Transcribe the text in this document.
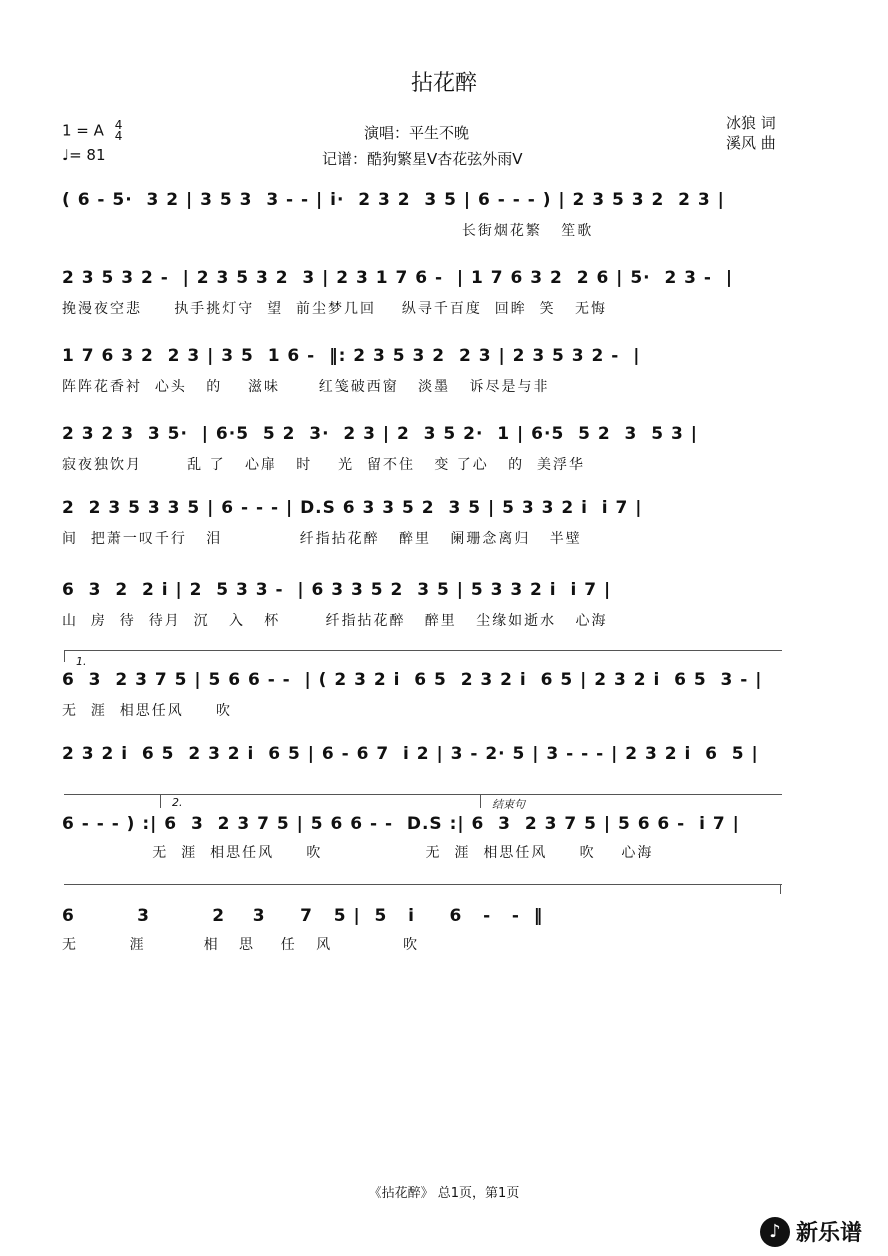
拈花醉
1 = A 4
4
♩= 81
演唱：平生不晚
记谱：酷狗繁星V杏花弦外雨V
冰狼 词
溪风 曲
( 6 - 5·  3 2 | 3 5 3  3 - - | i·  2 3 2  3 5 | 6 - - - ) | 2 3 5 3 2  2 3 |
长街烟花繁   笙歌
2 3 5 3 2 -  | 2 3 5 3 2  3 | 2 3 1 7 6 -  | 1 7 6 3 2  2 6 | 5·  2 3 -  |
挽漫夜空悲     执手挑灯守  望  前尘梦几回    纵寻千百度  回眸  笑   无悔
1 7 6 3 2  2 3 | 3 5  1 6 -  ‖: 2 3 5 3 2  2 3 | 2 3 5 3 2 -  |
阵阵花香衬  心头   的    滋味      红笺破西窗   淡墨   诉尽是与非
2 3 2 3  3 5·  | 6·5  5 2  3·  2 3 | 2  3 5 2·  1 | 6·5  5 2  3  5 3 |
寂夜独饮月       乱 了   心扉   时    光  留不住   变 了心   的  美浮华
2  2 3 5 3 3 5 | 6 - - - | D.S 6 3 3 5 2  3 5 | 5 3 3 2 i  i 7 |
间  把萧一叹千行   泪            纤指拈花醉   醉里   阑珊念离归   半壁
6  3  2  2 i | 2  5 3 3 -  | 6 3 3 5 2  3 5 | 5 3 3 2 i  i 7 |
山  房  待  待月  沉   入   杯       纤指拈花醉   醉里   尘缘如逝水   心海
1.
6  3  2 3 7 5 | 5 6 6 - -  | ( 2 3 2 i  6 5  2 3 2 i  6 5 | 2 3 2 i  6 5  3 - |
无  涯  相思任风     吹
2 3 2 i  6 5  2 3 2 i  6 5 | 6 - 6 7  i 2 | 3 - 2· 5 | 3 - - - | 2 3 2 i  6  5 |
2.	结束句
6 - - - ) :| 6  3  2 3 7 5 | 5 6 6 - -  D.S :| 6  3  2 3 7 5 | 5 6 6 -  i 7 |
无  涯  相思任风     吹                无  涯  相思任风     吹    心海
6         3         2    3     7   5 |  5   i     6   -   -  ‖
无        涯         相   思    任   风           吹
《拈花醉》 总1页，第1页
♪ 新乐谱
